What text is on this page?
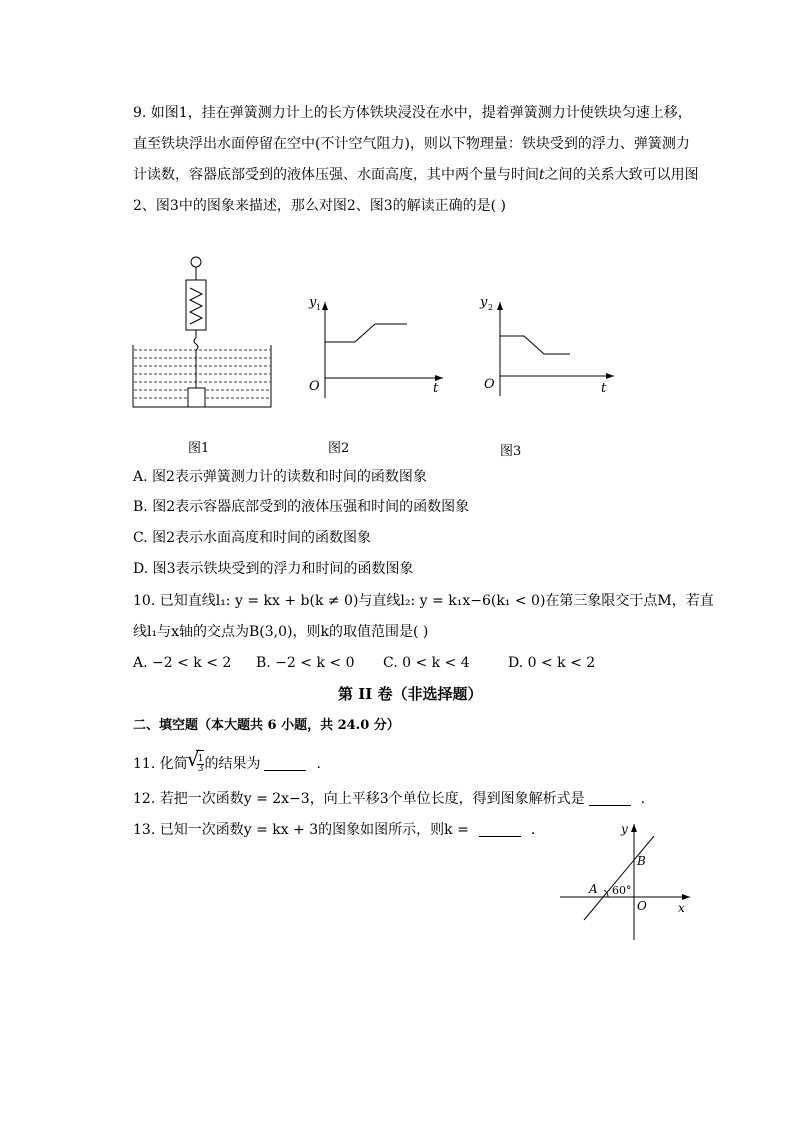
9. 如图1，挂在弹簧测力计上的长方体铁块浸没在水中，提着弹簧测力计使铁块匀速上移，
直至铁块浮出水面停留在空中(不计空气阻力)，则以下物理量：铁块受到的浮力、弹簧测力
计读数，容器底部受到的液体压强、水面高度，其中两个量与时间t之间的关系大致可以用图
2、图3中的图象来描述，那么对图2、图3的解读正确的是( )
y 1
O	t
y 2
O	t
图1	图2	图3
A. 图2表示弹簧测力计的读数和时间的函数图象
B. 图2表示容器底部受到的液体压强和时间的函数图象
C. 图2表示水面高度和时间的函数图象
D. 图3表示铁块受到的浮力和时间的函数图象
10. 已知直线l₁: y = kx + b(k ≠ 0)与直线l₂: y = k₁x−6(k₁ < 0)在第三象限交于点M，若直
线l₁与x轴的交点为B(3,0)，则k的取值范围是( )
A. −2 < k < 2 B. −2 < k < 0 C. 0 < k < 4	D. 0 < k < 2
第 II 卷（非选择题）
二、填空题（本大题共 6 小题，共 24.0 分）
11. 化简
√ $\frac{1}{3}$ 的结果为	.
12. 若把一次函数y = 2x−3，向上平移3个单位长度，得到图象解析式是	.
13. 已知一次函数y = kx + 3的图象如图所示，则k =	.	y
x
O
A
B
60°
